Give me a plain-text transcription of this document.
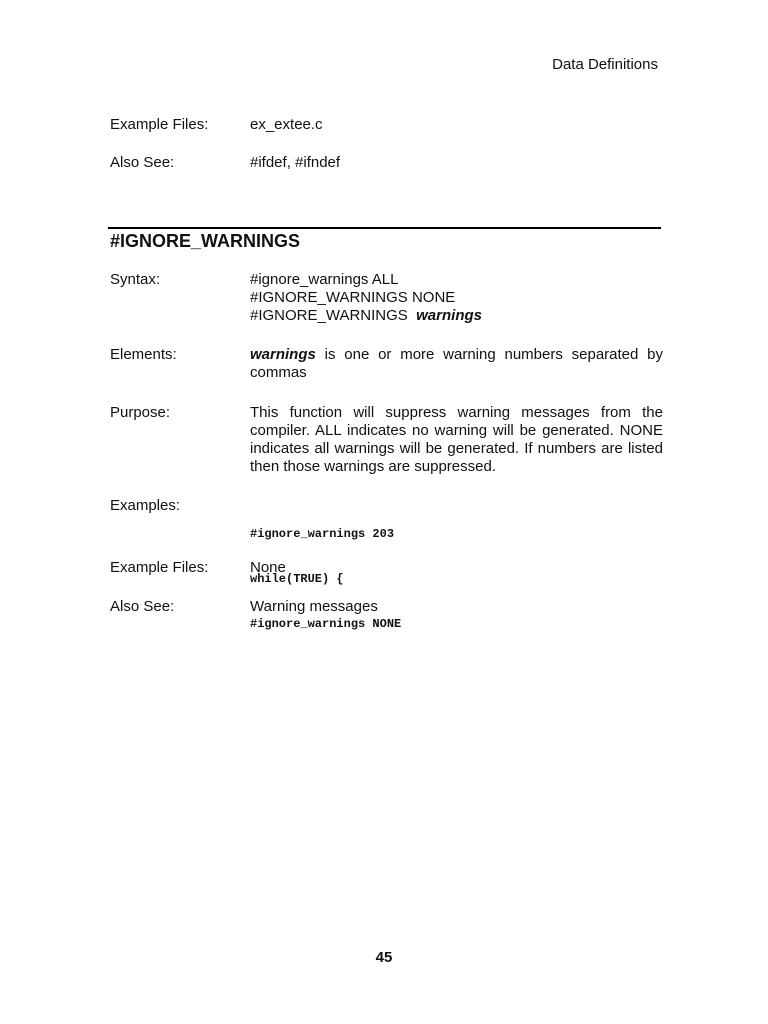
Data Definitions
Example Files:	ex_extee.c
Also See:	#ifdef, #ifndef
#IGNORE_WARNINGS
Syntax:	#ignore_warnings ALL
#IGNORE_WARNINGS NONE
#IGNORE_WARNINGS  warnings
Elements:	warnings is one or more warning numbers separated by commas
Purpose:	This function will suppress warning messages from the compiler. ALL indicates no warning will be generated. NONE indicates all warnings will be generated. If numbers are listed then those warnings are suppressed.
Examples:

#ignore_warnings 203

while(TRUE) {

#ignore_warnings NONE

Example Files:	None
Also See:	Warning messages
45
